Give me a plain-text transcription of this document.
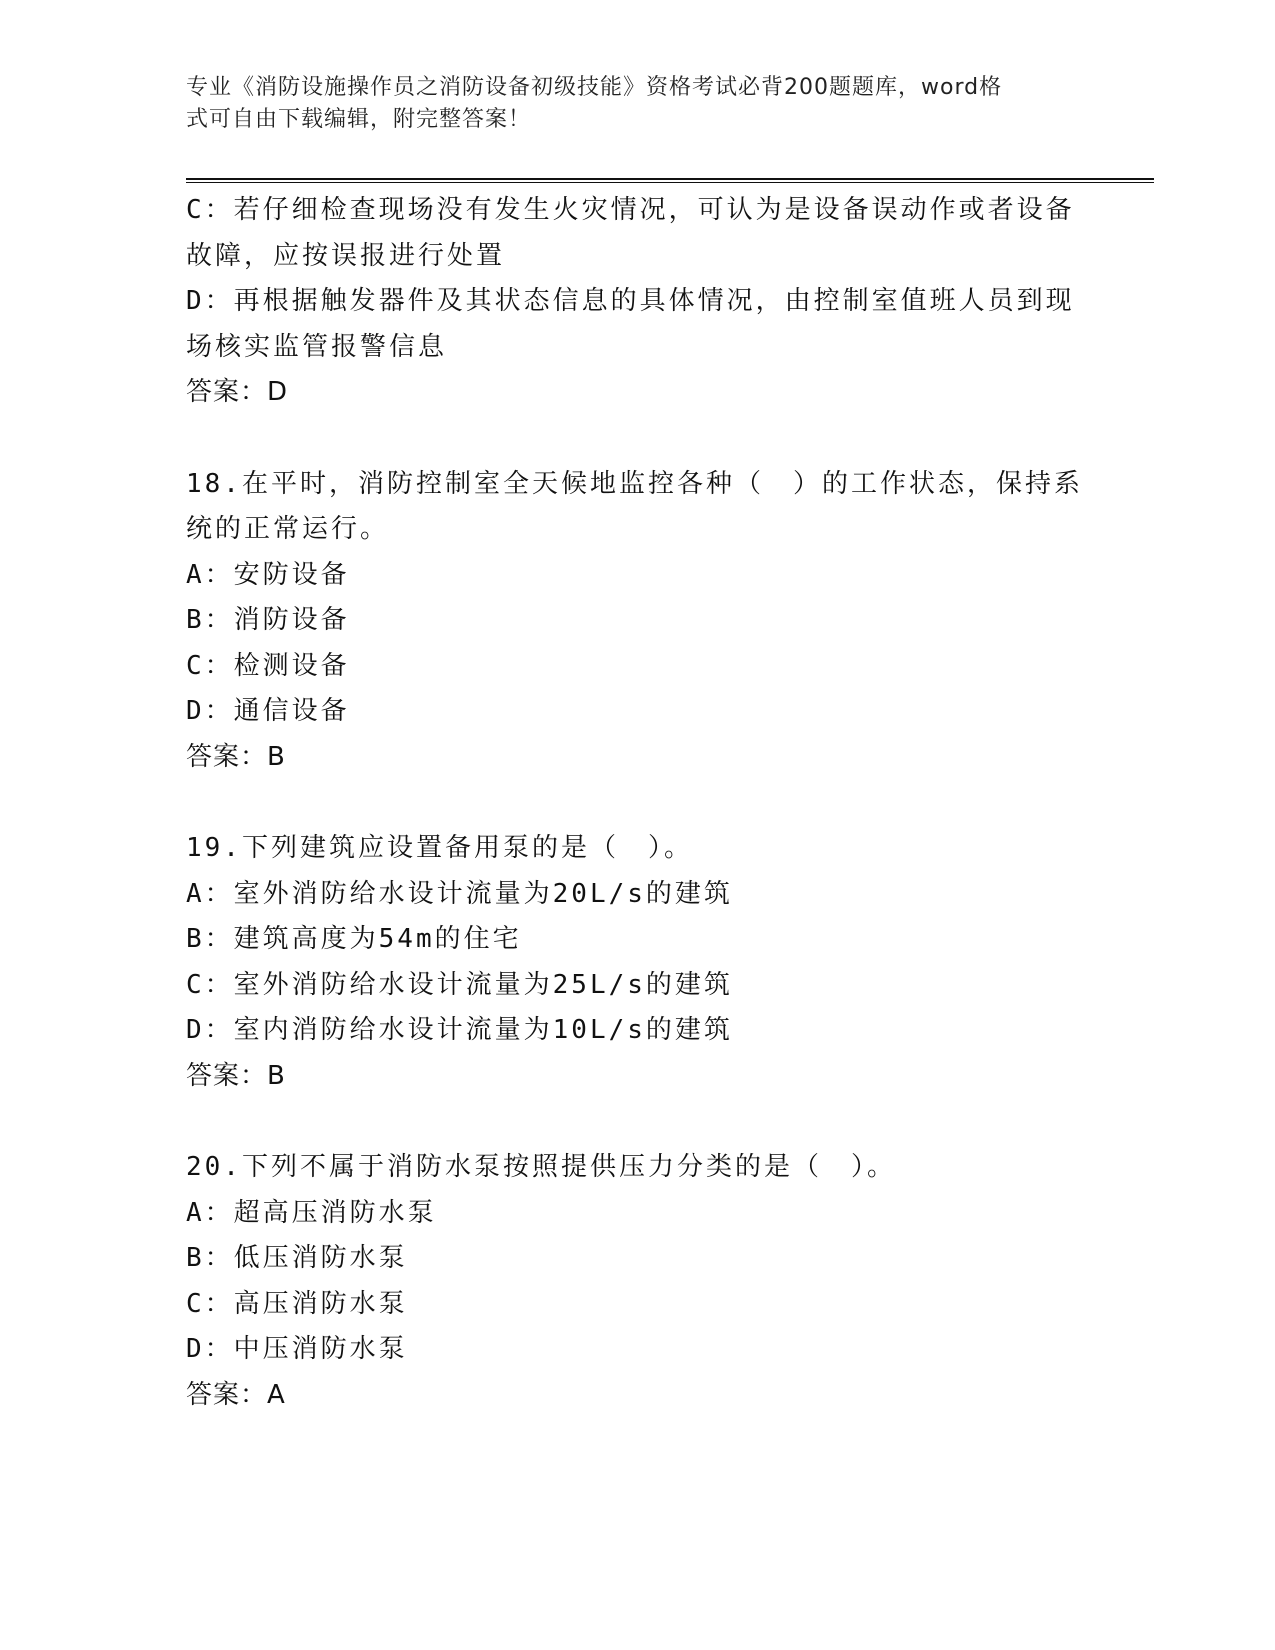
专业《消防设施操作员之消防设备初级技能》资格考试必背200题题库，word格
式可自由下载编辑，附完整答案！
C：若仔细检查现场没有发生火灾情况，可认为是设备误动作或者设备
故障，应按误报进行处置
D：再根据触发器件及其状态信息的具体情况，由控制室值班人员到现
场核实监管报警信息
答案：D
18.在平时，消防控制室全天候地监控各种（　）的工作状态，保持系
统的正常运行。
A：安防设备
B：消防设备
C：检测设备
D：通信设备
答案：B
19.下列建筑应设置备用泵的是（　）。
A：室外消防给水设计流量为20L/s的建筑
B：建筑高度为54m的住宅
C：室外消防给水设计流量为25L/s的建筑
D：室内消防给水设计流量为10L/s的建筑
答案：B
20.下列不属于消防水泵按照提供压力分类的是（　）。
A：超高压消防水泵
B：低压消防水泵
C：高压消防水泵
D：中压消防水泵
答案：A
